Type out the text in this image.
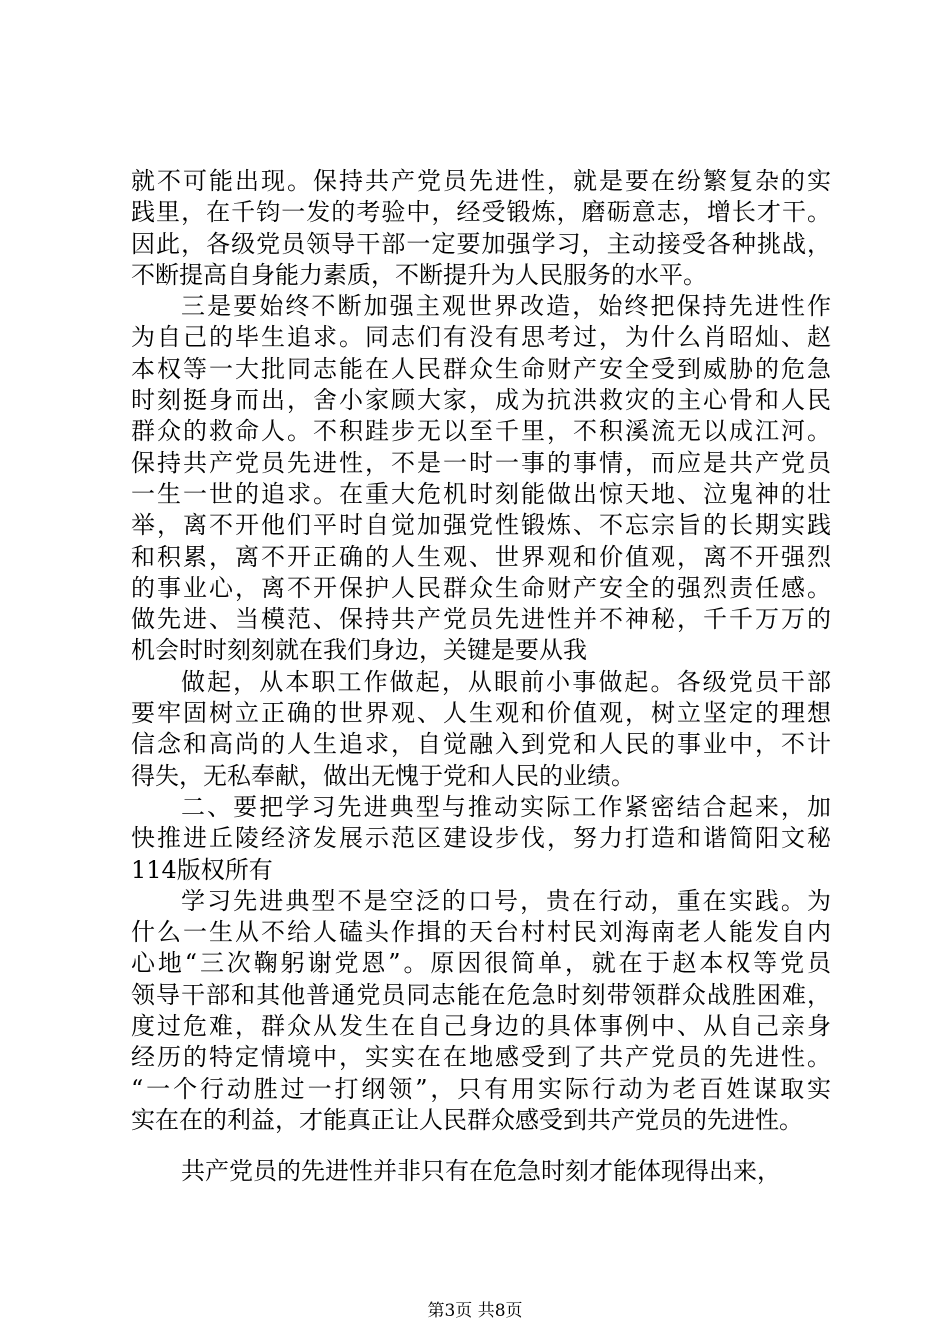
就不可能出现。保持共产党员先进性，就是要在纷繁复杂的实
践里，在千钧一发的考验中，经受锻炼，磨砺意志，增长才干。
因此，各级党员领导干部一定要加强学习，主动接受各种挑战，
不断提高自身能力素质，不断提升为人民服务的水平。
三是要始终不断加强主观世界改造，始终把保持先进性作
为自己的毕生追求。同志们有没有思考过，为什么肖昭灿、赵
本权等一大批同志能在人民群众生命财产安全受到威胁的危急
时刻挺身而出，舍小家顾大家，成为抗洪救灾的主心骨和人民
群众的救命人。不积跬步无以至千里，不积溪流无以成江河。
保持共产党员先进性，不是一时一事的事情，而应是共产党员
一生一世的追求。在重大危机时刻能做出惊天地、泣鬼神的壮
举，离不开他们平时自觉加强党性锻炼、不忘宗旨的长期实践
和积累，离不开正确的人生观、世界观和价值观，离不开强烈
的事业心，离不开保护人民群众生命财产安全的强烈责任感。
做先进、当模范、保持共产党员先进性并不神秘，千千万万的
机会时时刻刻就在我们身边，关键是要从我
做起，从本职工作做起，从眼前小事做起。各级党员干部
要牢固树立正确的世界观、人生观和价值观，树立坚定的理想
信念和高尚的人生追求，自觉融入到党和人民的事业中，不计
得失，无私奉献，做出无愧于党和人民的业绩。
二、要把学习先进典型与推动实际工作紧密结合起来，加
快推进丘陵经济发展示范区建设步伐，努力打造和谐简阳文秘
114版权所有
学习先进典型不是空泛的口号，贵在行动，重在实践。为
什么一生从不给人磕头作揖的天台村村民刘海南老人能发自内
心地“三次鞠躬谢党恩”。原因很简单，就在于赵本权等党员
领导干部和其他普通党员同志能在危急时刻带领群众战胜困难，
度过危难，群众从发生在自己身边的具体事例中、从自己亲身
经历的特定情境中，实实在在地感受到了共产党员的先进性。
“一个行动胜过一打纲领”，只有用实际行动为老百姓谋取实
实在在的利益，才能真正让人民群众感受到共产党员的先进性。
共产党员的先进性并非只有在危急时刻才能体现得出来，
第3页 共8页
